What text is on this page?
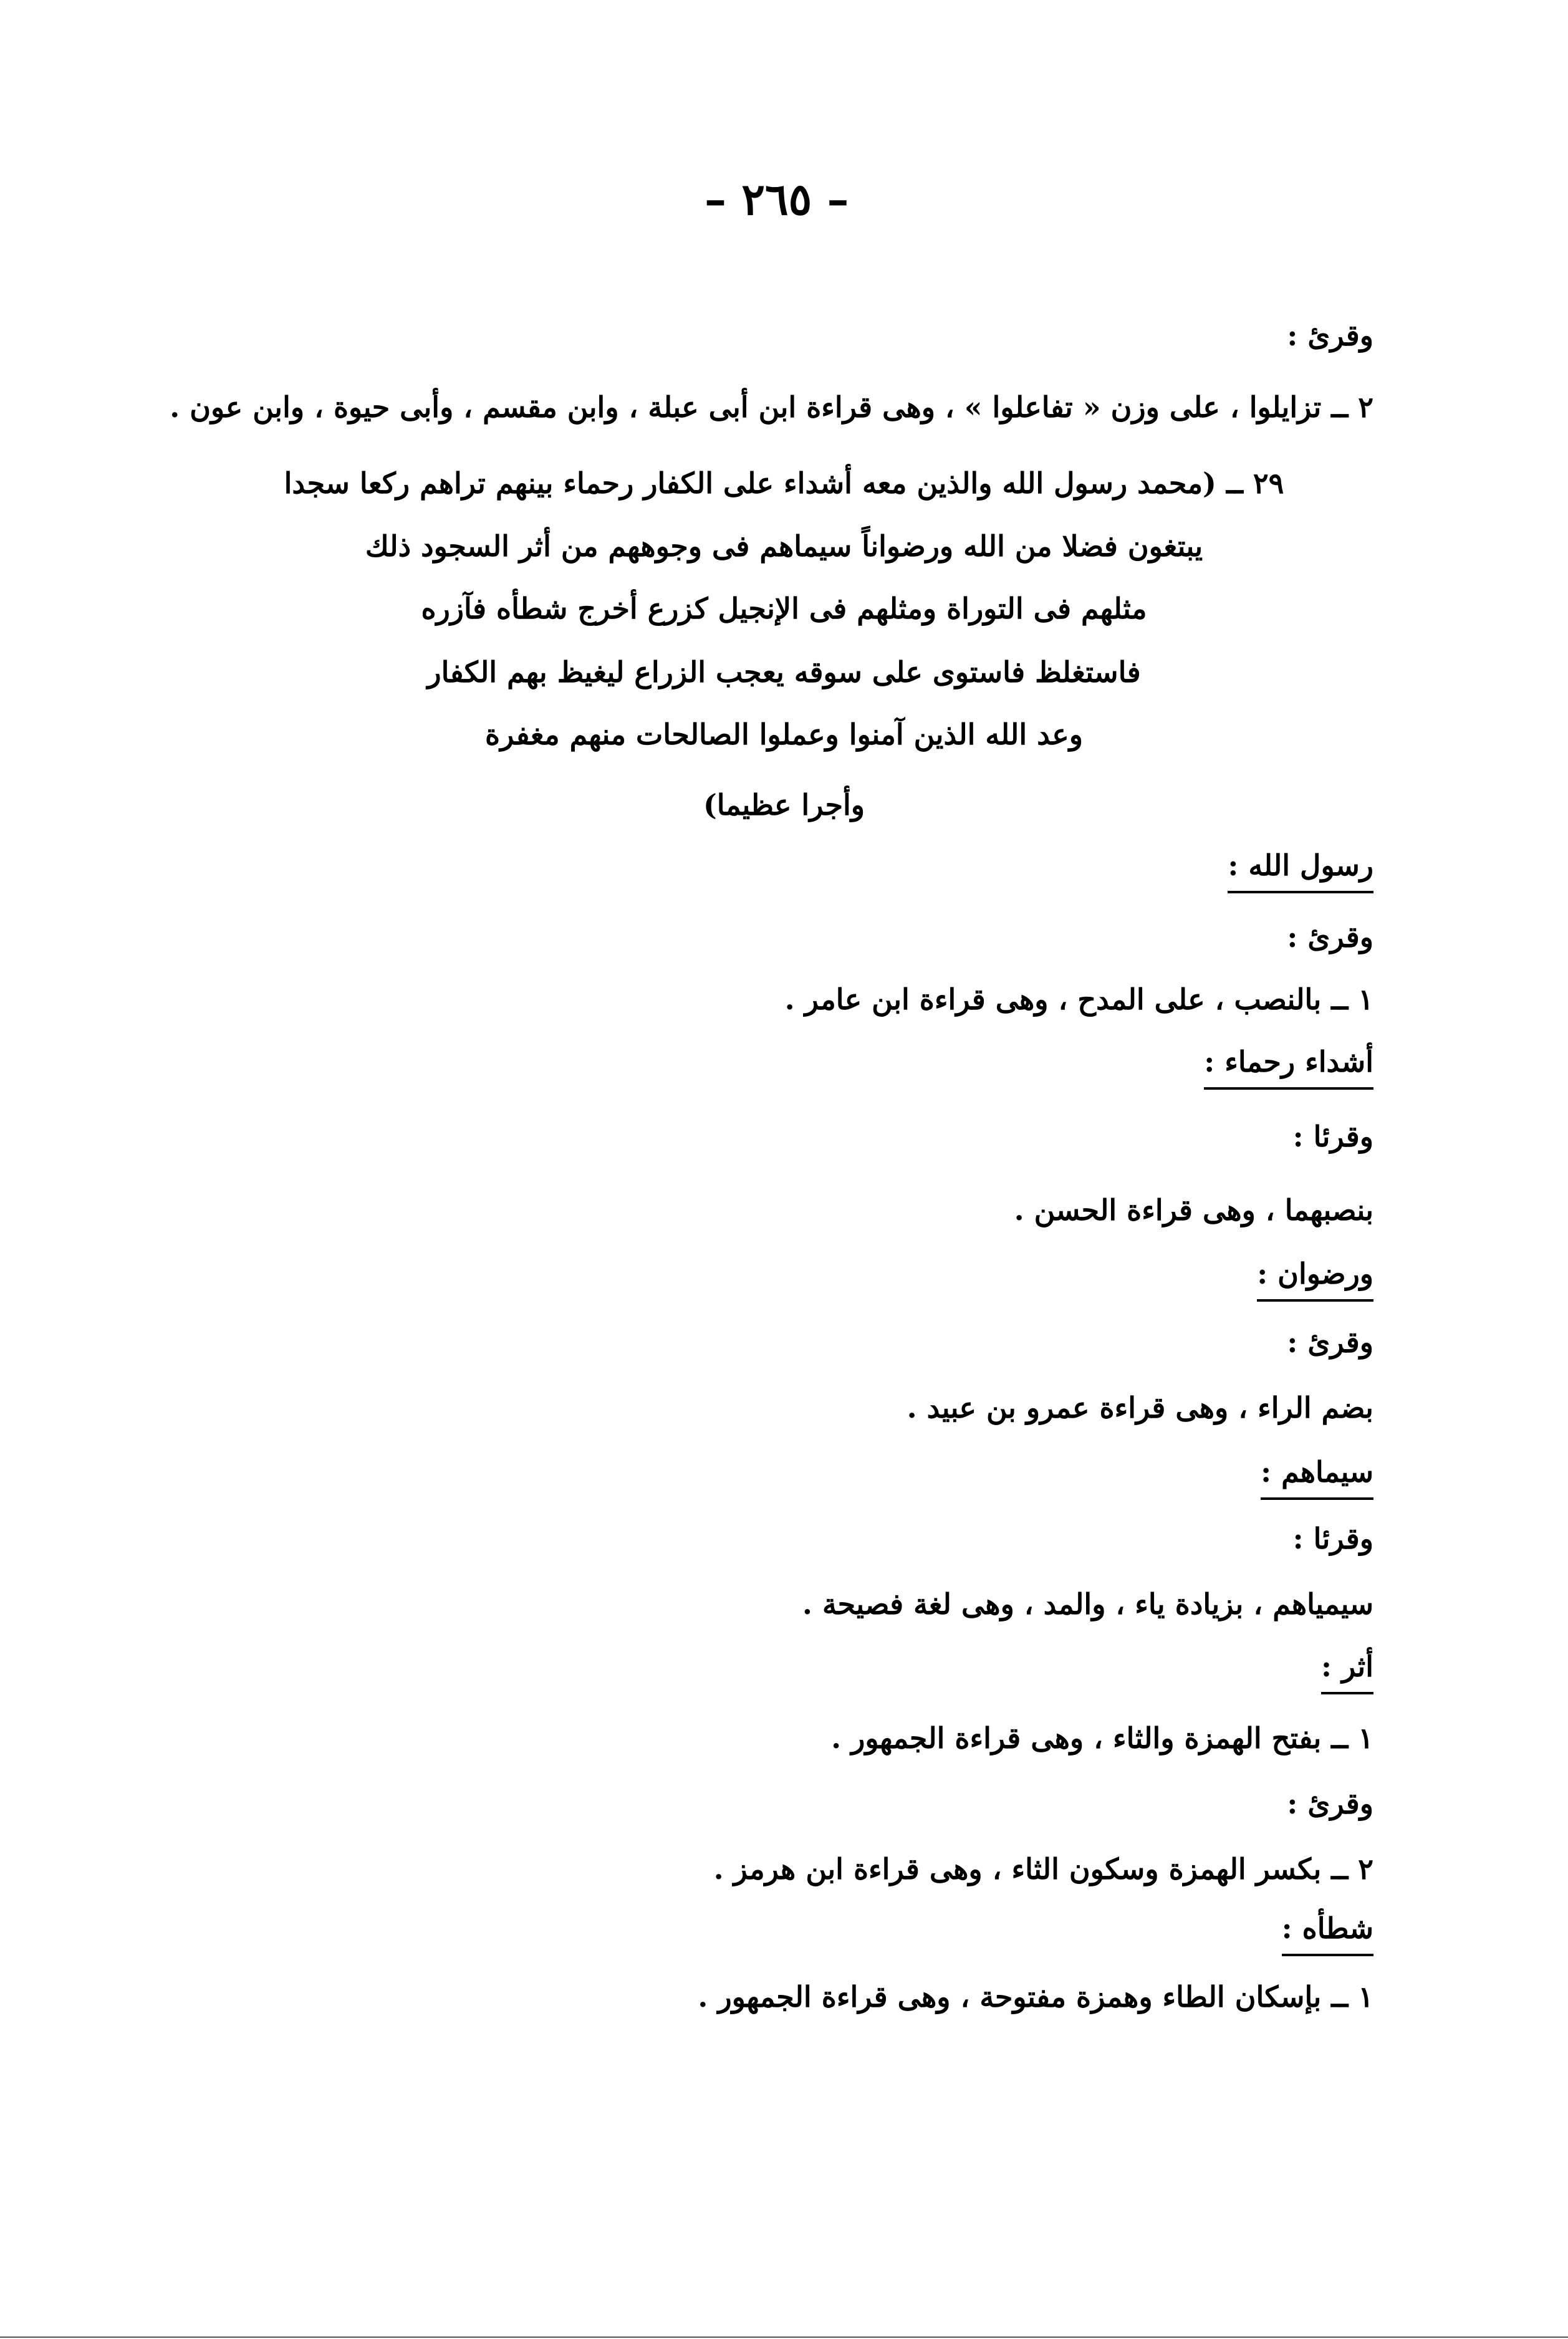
– ٢٦٥ –
وقرئ :
٢ ــ تزايلوا ، على وزن « تفاعلوا » ، وهى قراءة ابن أبى عبلة ، وابن مقسم ، وأبى حيوة ، وابن عون .
٢٩ ــ (محمد رسول الله والذين معه أشداء على الكفار رحماء بينهم تراهم ركعا سجدا
يبتغون فضلا من الله ورضواناً سيماهم فى وجوههم من أثر السجود ذلك
مثلهم فى التوراة ومثلهم فى الإنجيل كزرع أخرج شطأه فآزره
فاستغلظ فاستوى على سوقه يعجب الزراع ليغيظ بهم الكفار
وعد الله الذين آمنوا وعملوا الصالحات منهم مغفرة
وأجرا عظيما)
رسول الله :
وقرئ :
١ ــ بالنصب ، على المدح ، وهى قراءة ابن عامر .
أشداء رحماء :
وقرئا :
بنصبهما ، وهى قراءة الحسن .
ورضوان :
وقرئ :
بضم الراء ، وهى قراءة عمرو بن عبيد .
سيماهم :
وقرئا :
سيمياهم ، بزيادة ياء ، والمد ، وهى لغة فصيحة .
أثر :
١ ــ بفتح الهمزة والثاء ، وهى قراءة الجمهور .
وقرئ :
٢ ــ بكسر الهمزة وسكون الثاء ، وهى قراءة ابن هرمز .
شطأه :
١ ــ بإسكان الطاء وهمزة مفتوحة ، وهى قراءة الجمهور .
